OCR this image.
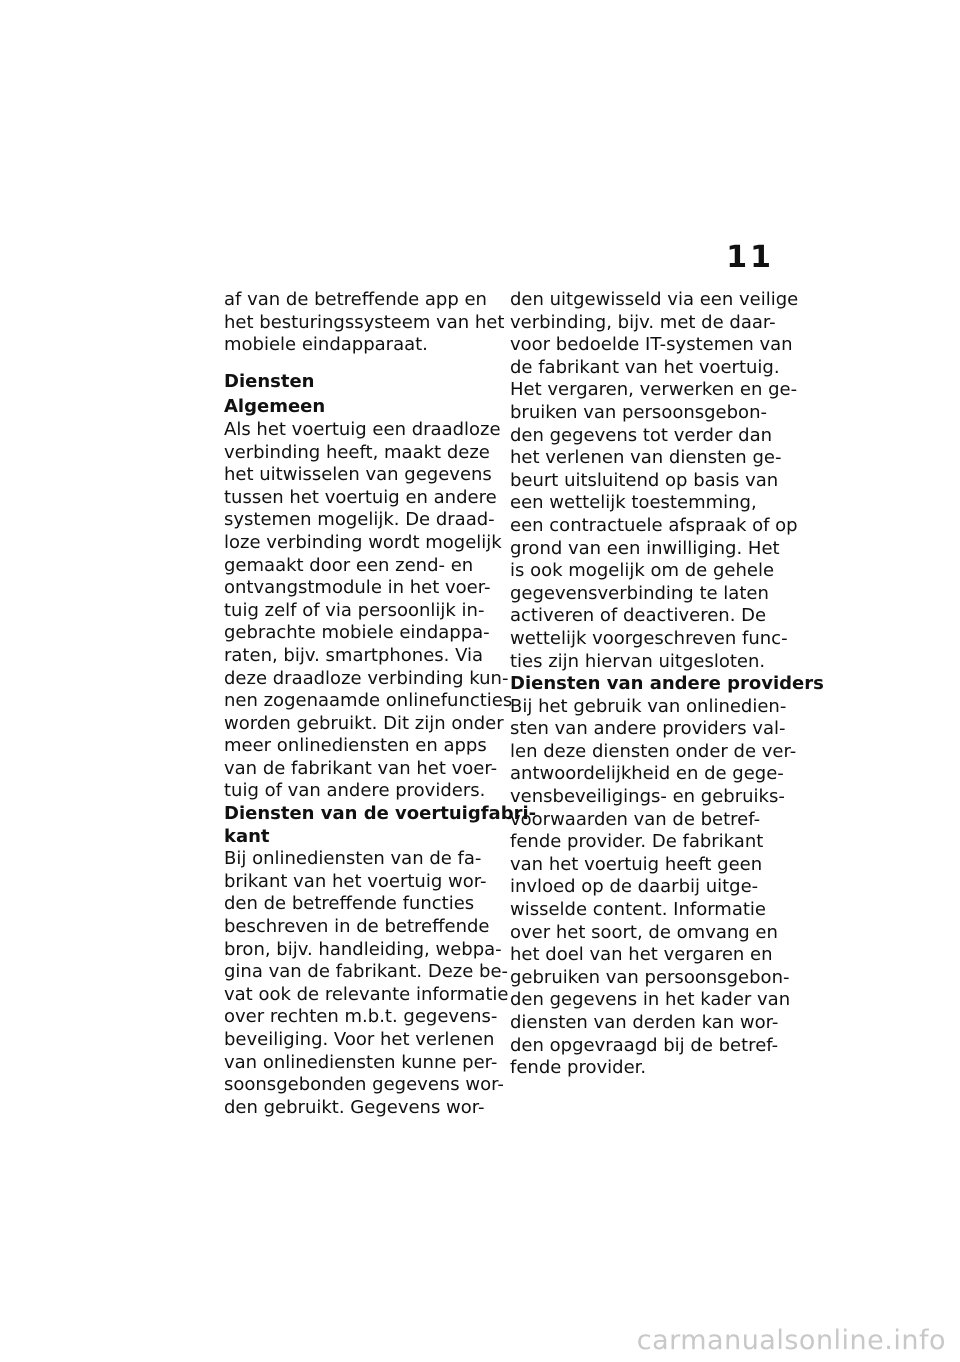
11
af van de betreffende app en
het besturingssysteem van het
mobiele eindapparaat.
Diensten
Algemeen
Als het voertuig een draadloze
verbinding heeft, maakt deze
het uitwisselen van gegevens
tussen het voertuig en andere
systemen mogelijk. De draad-
loze verbinding wordt mogelijk
gemaakt door een zend- en
ontvangstmodule in het voer-
tuig zelf of via persoonlijk in-
gebrachte mobiele eindappa-
raten, bijv. smartphones. Via
deze draadloze verbinding kun-
nen zogenaamde onlinefuncties
worden gebruikt. Dit zijn onder
meer onlinediensten en apps
van de fabrikant van het voer-
tuig of van andere providers.
Diensten van de voertuigfabri-
kant
Bij onlinediensten van de fa-
brikant van het voertuig wor-
den de betreffende functies
beschreven in de betreffende
bron, bijv. handleiding, webpa-
gina van de fabrikant. Deze be-
vat ook de relevante informatie
over rechten m.b.t. gegevens-
beveiliging. Voor het verlenen
van onlinediensten kunne per-
soonsgebonden gegevens wor-
den gebruikt. Gegevens wor-
den uitgewisseld via een veilige
verbinding, bijv. met de daar-
voor bedoelde IT-systemen van
de fabrikant van het voertuig.
Het vergaren, verwerken en ge-
bruiken van persoonsgebon-
den gegevens tot verder dan
het verlenen van diensten ge-
beurt uitsluitend op basis van
een wettelijk toestemming,
een contractuele afspraak of op
grond van een inwilliging. Het
is ook mogelijk om de gehele
gegevensverbinding te laten
activeren of deactiveren. De
wettelijk voorgeschreven func-
ties zijn hiervan uitgesloten.
Diensten van andere providers
Bij het gebruik van onlinedien-
sten van andere providers val-
len deze diensten onder de ver-
antwoordelijkheid en de gege-
vensbeveiligings- en gebruiks-
voorwaarden van de betref-
fende provider. De fabrikant
van het voertuig heeft geen
invloed op de daarbij uitge-
wisselde content. Informatie
over het soort, de omvang en
het doel van het vergaren en
gebruiken van persoonsgebon-
den gegevens in het kader van
diensten van derden kan wor-
den opgevraagd bij de betref-
fende provider.
carmanualsonline.info
